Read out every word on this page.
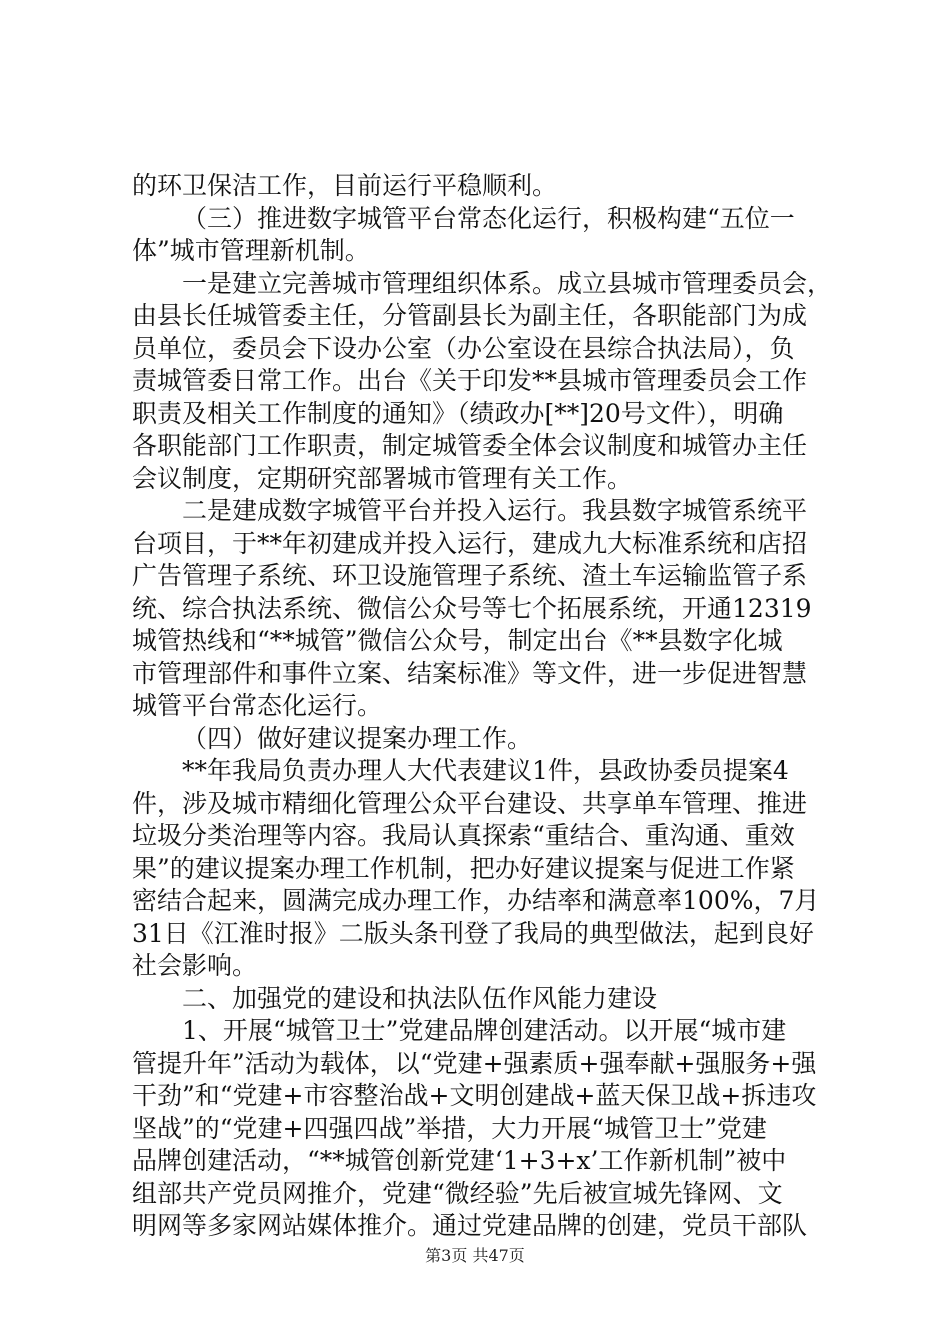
的环卫保洁工作，目前运行平稳顺利。
（三）推进数字城管平台常态化运行，积极构建“五位一
体”城市管理新机制。
一是建立完善城市管理组织体系。成立县城市管理委员会，
由县长任城管委主任，分管副县长为副主任，各职能部门为成
员单位，委员会下设办公室（办公室设在县综合执法局），负
责城管委日常工作。出台《关于印发**县城市管理委员会工作
职责及相关工作制度的通知》（绩政办[**]20号文件），明确
各职能部门工作职责，制定城管委全体会议制度和城管办主任
会议制度，定期研究部署城市管理有关工作。
二是建成数字城管平台并投入运行。我县数字城管系统平
台项目，于**年初建成并投入运行，建成九大标准系统和店招
广告管理子系统、环卫设施管理子系统、渣土车运输监管子系
统、综合执法系统、微信公众号等七个拓展系统，开通12319
城管热线和“**城管”微信公众号，制定出台《**县数字化城
市管理部件和事件立案、结案标准》等文件，进一步促进智慧
城管平台常态化运行。
（四）做好建议提案办理工作。
**年我局负责办理人大代表建议1件，县政协委员提案4
件，涉及城市精细化管理公众平台建设、共享单车管理、推进
垃圾分类治理等内容。我局认真探索“重结合、重沟通、重效
果”的建议提案办理工作机制，把办好建议提案与促进工作紧
密结合起来，圆满完成办理工作，办结率和满意率100%，7月
31日《江淮时报》二版头条刊登了我局的典型做法，起到良好
社会影响。
二、加强党的建设和执法队伍作风能力建设
1、开展“城管卫士”党建品牌创建活动。以开展“城市建
管提升年”活动为载体，以“党建+强素质+强奉献+强服务+强
干劲”和“党建+市容整治战+文明创建战+蓝天保卫战+拆违攻
坚战”的“党建+四强四战”举措，大力开展“城管卫士”党建
品牌创建活动，“**城管创新党建‘1+3+x’工作新机制”被中
组部共产党员网推介，党建“微经验”先后被宣城先锋网、文
明网等多家网站媒体推介。通过党建品牌的创建，党员干部队
第3页 共47页
